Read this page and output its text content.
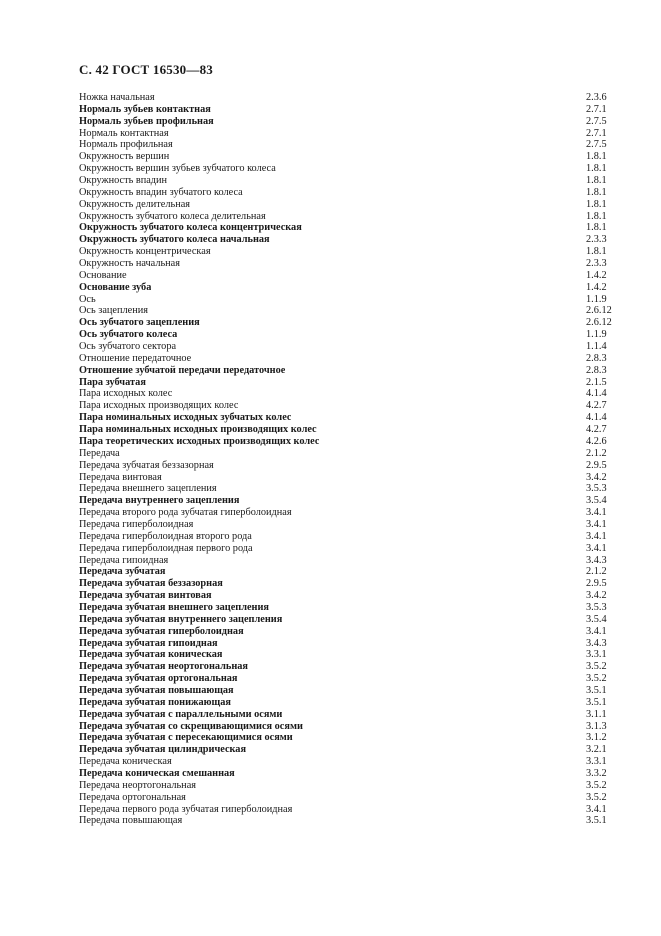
С. 42 ГОСТ 16530—83
Ножка начальная	2.3.6
Нормаль зубьев контактная	2.7.1
Нормаль зубьев профильная	2.7.5
Нормаль контактная	2.7.1
Нормаль профильная	2.7.5
Окружность вершин	1.8.1
Окружность вершин зубьев зубчатого колеса	1.8.1
Окружность впадин	1.8.1
Окружность впадин зубчатого колеса	1.8.1
Окружность делительная	1.8.1
Окружность зубчатого колеса делительная	1.8.1
Окружность зубчатого колеса концентрическая	1.8.1
Окружность зубчатого колеса начальная	2.3.3
Окружность концентрическая	1.8.1
Окружность начальная	2.3.3
Основание	1.4.2
Основание зуба	1.4.2
Ось	1.1.9
Ось зацепления	2.6.12
Ось зубчатого зацепления	2.6.12
Ось зубчатого колеса	1.1.9
Ось зубчатого сектора	1.1.4
Отношение передаточное	2.8.3
Отношение зубчатой передачи передаточное	2.8.3
Пара зубчатая	2.1.5
Пара исходных колес	4.1.4
Пара исходных производящих колес	4.2.7
Пара номинальных исходных зубчатых колес	4.1.4
Пара номинальных исходных производящих колес	4.2.7
Пара теоретических исходных производящих колес	4.2.6
Передача	2.1.2
Передача зубчатая беззазорная	2.9.5
Передача винтовая	3.4.2
Передача внешнего зацепления	3.5.3
Передача внутреннего зацепления	3.5.4
Передача второго рода зубчатая гиперболоидная	3.4.1
Передача гиперболоидная	3.4.1
Передача гиперболоидная второго рода	3.4.1
Передача гиперболоидная первого рода	3.4.1
Передача гипоидная	3.4.3
Передача зубчатая	2.1.2
Передача зубчатая беззазорная	2.9.5
Передача зубчатая винтовая	3.4.2
Передача зубчатая внешнего зацепления	3.5.3
Передача зубчатая внутреннего зацепления	3.5.4
Передача зубчатая гиперболоидная	3.4.1
Передача зубчатая гипоидная	3.4.3
Передача зубчатая коническая	3.3.1
Передача зубчатая неортогональная	3.5.2
Передача зубчатая ортогональная	3.5.2
Передача зубчатая повышающая	3.5.1
Передача зубчатая понижающая	3.5.1
Передача зубчатая с параллельными осями	3.1.1
Передача зубчатая со скрещивающимися осями	3.1.3
Передача зубчатая с пересекающимися осями	3.1.2
Передача зубчатая цилиндрическая	3.2.1
Передача коническая	3.3.1
Передача коническая смешанная	3.3.2
Передача неортогональная	3.5.2
Передача ортогональная	3.5.2
Передача первого рода зубчатая гиперболоидная	3.4.1
Передача повышающая	3.5.1
